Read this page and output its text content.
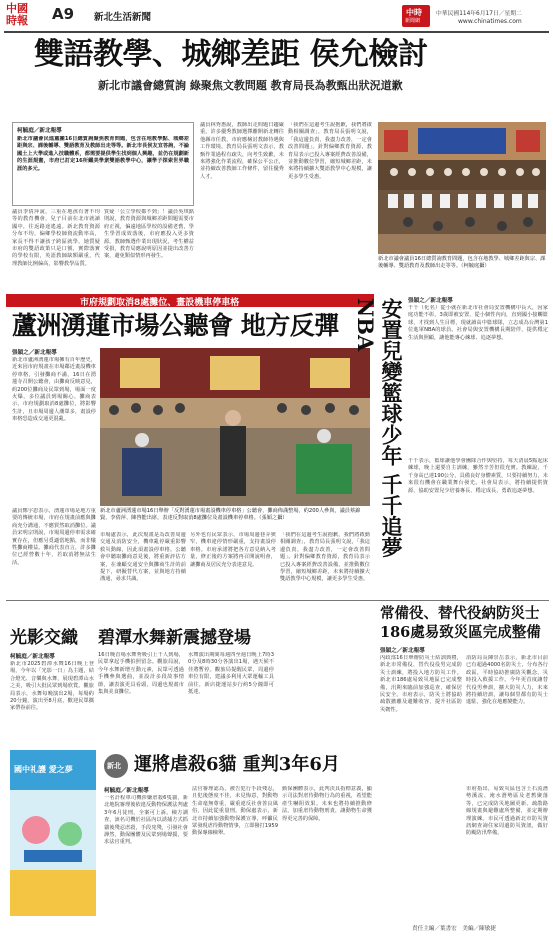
中國
時報 A9 新北生活新聞	中時
新聞網
中華民國114年6月17日／星期二
www.chinatimes.com
雙語教學、城鄉差距 侯允檢討
新北市議會總質詢 綠聚焦文教問題 教育局長為教甄出狀況道歉
柯毓庭／新北報導
新北市議會民進黨團16日總質詢聚焦教育問題，包含在地教學點、城鄉差距與宗、課後輔導、雙語教育及教師出走等等。新北市長侯友宜答詢，不論國土上大學或進入技職體系，都需要提供學生找到個人興趣，並仍在規劃新的生涯規畫，市府已訂定16所鐵美學衆雙語教學中心，讓學子探索世界職涯的多元。
議員李倩萍說，三重在地孩有著不均等的教育機會，兒子目前在北市就讀國中，往返路途遙遠。新北教育資源分布不均，偏鄉學校師資流動率高，家長不得不讓孩子跨區就學。她質疑市府的雙語政策只是口號，實際落實的學校有限，英語教師缺額嚴重，代理教師比例偏高，影響教學品質。
質疑「公立學校都不到」！議員吳琪銘則說，教育資源與城鄉差距問題需要市府正視，偏遠地區學校的設備老舊，學生學習成效落後，市府應投入更多資源。教師甄選作業出現狀況，考生權益受損，教育局應說明原因並提出改善方案，避免類似情形再發生。
議員林秀惠說，教師出走問題日趨嚴重，許多優秀教師選擇離開新北轉往他縣市任教，市府應檢討教師待遇與工作環境。教育局長張明文表示，教甄作業過程有疏失，向考生致歉，未來將強化作業流程，確保公平公正，並持續改善教師工作條件，留住優秀人才。
「我們在這邊考生說抱歉，我們將啟動相關調查」，教育局長張明文說，「我這邊負責，我盡力改善，一定會改善問題」。針對偏鄉教育資源，教育局表示已投入專案經費改善設備，並推動數位學習，縮短城鄉差距，未來將持續擴大雙語教學中心規模，讓更多學生受惠。
新北市議會議員16日總質詢教育問題，包含在地教學、城鄉差距與宗、課後輔導、雙語教育及教師出走等等。（柯毓庭攝）
市府規劃取消8處攤位、畫設機車停車格
蘆洲湧蓮市場公聽會 地方反彈
張穎之／新北報導
新北市蘆洲湧蓮市場擁有百年歷史，近來因市府規畫在市場鄰近畫設機車停車格，引發攤商不滿，16日在湧蓮寺召開公聽會，由攤商反映意見，約200位攤商及民眾到場，場面一度火爆，多位議員到場關心。攤商表示，市府規劃取消8處攤位，將影響生計，且市場周邊人潮眾多，畫設停車格恐造成交通更混亂。
新北市蘆洲湧蓮市場16日舉辦「反對湧蓮市場畫設機車停車格」公聽會，攤商佈滿整場，約200人參與，議員蔡錦賢、李倩萍、陳啓能出席，表達反對取消8處攤位及畫設機車停車格。（張穎之攝）
議員鄭宇恩表示，湧蓮市場是地方重要的傳統市場，市府在規畫前應與攤商充分溝通，不應貿然取消攤位。議員宋明宗則說，市場周邊停車需求確實存在，但應另覓適當地點，而非犧牲攤商權益。攤商代表直言，許多攤位已經營數十年，若取消將無法生活。
市場處表示，此次規畫是為改善周邊交通及消防安全，機車亂停嚴重影響救災動線，因此須畫設停車格。公聽會中聽取攤商意見後，將重新評估方案，在兼顧交通安全與攤商生計的前提下，研擬替代方案，並與地方持續溝通，尋求共識。
另外也有民眾表示，市場周邊巷弄狹窄，機車違停情形嚴重，支持畫設停車格。市府承諾將把各方意見納入考量，修正後的方案將再召開說明會，讓攤商及居民充分表達意見。
「我們在這邊考生說抱歉，我們將啟動相關調查」，教育局長張明文說，「我這邊負責，我盡力改善，一定會改善問題」。針對偏鄉教育資源，教育局表示已投入專案經費改善設備，並推動數位學習，縮短城鄉差距，未來將持續擴大雙語教學中心規模，讓更多學生受惠。
安置兒變籃球少年 千千追夢NBA	張穎之／新北報導
千千（化名）從小就在新北市社會局安置機構中長大，因家庭功能不彰，3歲即被安置，從小個性內向，直到國小接觸籃球，才找到人生目標，現就讀高中籃球隊，立志成為台灣第1位進軍NBA的球員。社會局與安置機構長期陪伴，提供穩定生活與照顧，讓他能專心練球、追逐夢想。
千千表示，籃球讓他學會團隊合作與堅持，每天清晨5點起床練球，晚上還要自主訓練，雖然辛苦但很充實。教練說，千千身高已達190公分，具備良好身體素質，只要持續努力，未來很有機會在職業舞台發光。社會局表示，將持續提供資源，協助安置兒少培養專長、穩定成長，勇敢追逐夢想。
常備役、替代役納防災士 186處易致災區完成整備
張穎之／新北報導
內政部16日舉辦防災士結訓典禮，新北市常備役、替代役役男完成防災士訓練，將投入地方防災工作。新北市186處易致災地區已完成整備，汛期來臨前加強巡查，確保居民安全。市府表示，防災士將協助疏散撤離及避難收容，提升社區防災韌性。
消防局長陳崇岳表示，新北市目前已有超過4000名防災士，分布各行政區，平時協助推廣防災觀念，災時投入救援工作。今年更首度讓替代役男參訓，擴大防災人力，未來將持續培訓，讓每個里都有防災士進駐，強化在地應變能力。
市府指出，易致災區包含土石流潛勢溪流、淹水潛勢區及老舊聚落等，已完成防災地圖更新、疏散路線規畫與避難處所整備，並定期辦理演練。市民可透過新北市防災資訊網查詢住家周邊防災資訊，做好防颱防汛準備。
光影交織 碧潭水舞新震撼登場
柯毓庭／新北報導
新北市2025碧潭水舞16日晚上登場，今年以「光影一日」為主題，結合燈光、音樂與水舞，展現碧潭山水之美，吸引大批民眾到場欣賞。觀旅局表示，水舞每晚演出2場，每場約20分鐘，演出至8月底，歡迎民眾攜家帶眷前往。
16日晚首場水舞秀吸引上千人到場，民眾拿起手機拍照留念。觀旅局說，今年水舞新增互動元素，民眾可透過手機參與選曲，並設計多段故事情節，讓表演更具看頭，周邊也規畫市集與美食攤位。
水舞演出期間每週四至週日晚上7時30分及8時30分各演出1場，遇天候不佳將暫停。觀旅局提醒民眾，周邊停車位有限，建議多利用大眾運輸工具前往，新店捷運站步行約5分鐘即可抵達。
國中礼護 愛之夢	新北 運將虐殺6貓 重判3年6月
柯毓庭／新北報導
一名計程車司機涉嫌虐殺6隻貓，新北地院審理後依違反動物保護法判處3年6月徒刑，全案可上訴。檢方調查，該名司機於社區內以誘捕方式抓貓後殘忍虐殺，手段兇殘，引發社會譁然，動保團體及民眾到場聲援，要求法官重判。
法官審理認為，被告犯行手段殘忍，且犯後態度不佳，未見悔意，對動物生命毫無尊重，嚴重違反社會善良風俗，因此從重量刑。動保處表示，新北市持續加強動物保護宣導，呼籲民眾發現虐待動物情事，立即撥打1959動保專線檢舉。
動保團體表示，此判決具指標意義，顯示司法對虐待動物行為的重視，希望能產生嚇阻效果。未來也將持續推動修法，加重虐待動物刑責，讓動物生命獲得更完善的保障。
責任主編／葉書宏　美編／陳敏捷
